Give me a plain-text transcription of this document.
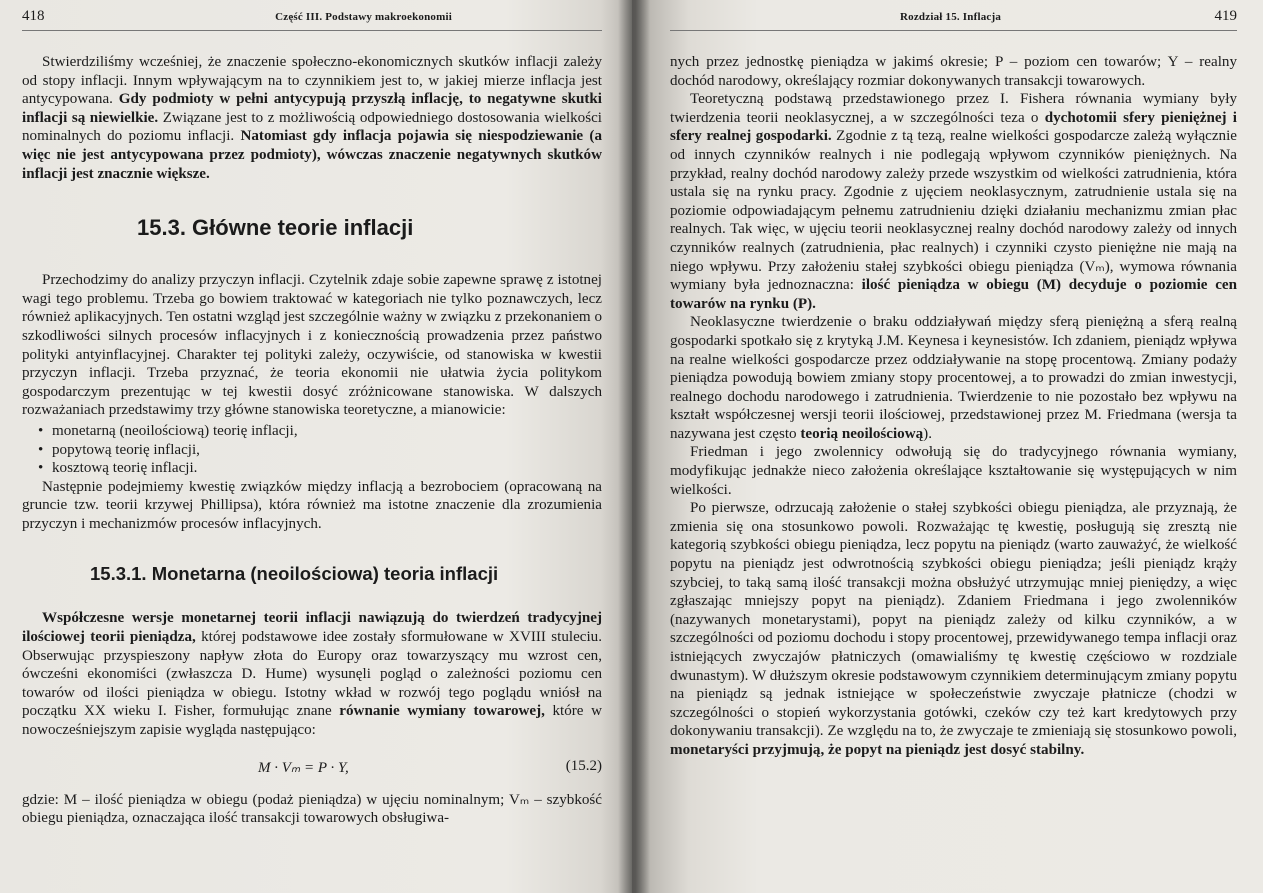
418	Część III. Podstawy makroekonomii

Stwierdziliśmy wcześniej, że znaczenie społeczno-ekonomicznych skutków inflacji zależy od stopy inflacji. Innym wpływającym na to czynnikiem jest to, w jakiej mierze inflacja jest antycypowana. Gdy podmioty w pełni antycypują przyszłą inflację, to negatywne skutki inflacji są niewielkie. Związane jest to z możliwością odpowiedniego dostosowania wielkości nominalnych do poziomu inflacji. Natomiast gdy inflacja pojawia się niespodziewanie (a więc nie jest antycypowana przez podmioty), wówczas znaczenie negatywnych skutków inflacji jest znacznie większe.

15.3. Główne teorie inflacji

Przechodzimy do analizy przyczyn inflacji. Czytelnik zdaje sobie zapewne sprawę z istotnej wagi tego problemu. Trzeba go bowiem traktować w kategoriach nie tylko poznawczych, lecz również aplikacyjnych. Ten ostatni wzgląd jest szczególnie ważny w związku z przekonaniem o szkodliwości silnych procesów inflacyjnych i z koniecznością prowadzenia przez państwo polityki antyinflacyjnej. Charakter tej polityki zależy, oczywiście, od stanowiska w kwestii przyczyn inflacji. Trzeba przyznać, że teoria ekonomii nie ułatwia życia politykom gospodarczym prezentując w tej kwestii dosyć zróżnicowane stanowiska. W dalszych rozważaniach przedstawimy trzy główne stanowiska teoretyczne, a mianowicie:

• monetarną (neoilościową) teorię inflacji,
• popytową teorię inflacji,
• kosztową teorię inflacji.

Następnie podejmiemy kwestię związków między inflacją a bezrobociem (opracowaną na gruncie tzw. teorii krzywej Phillipsa), która również ma istotne znaczenie dla zrozumienia przyczyn i mechanizmów procesów inflacyjnych.

15.3.1. Monetarna (neoilościowa) teoria inflacji

Współczesne wersje monetarnej teorii inflacji nawiązują do twierdzeń tradycyjnej ilościowej teorii pieniądza, której podstawowe idee zostały sformułowane w XVIII stuleciu. Obserwując przyspieszony napływ złota do Europy oraz towarzyszący mu wzrost cen, ówcześni ekonomiści (zwłaszcza D. Hume) wysunęli pogląd o zależności poziomu cen towarów od ilości pieniądza w obiegu. Istotny wkład w rozwój tego poglądu wniósł na początku XX wieku I. Fisher, formułując znane równanie wymiany towarowej, które w nowocześniejszym zapisie wygląda następująco:

M · Vₘ = P · Y,	(15.2)

gdzie: M – ilość pieniądza w obiegu (podaż pieniądza) w ujęciu nominalnym; Vₘ – szybkość obiegu pieniądza, oznaczająca ilość transakcji towarowych obsługiwa-

Rozdział 15. Inflacja	419

nych przez jednostkę pieniądza w jakimś okresie; P – poziom cen towarów; Y – realny dochód narodowy, określający rozmiar dokonywanych transakcji towarowych.

Teoretyczną podstawą przedstawionego przez I. Fishera równania wymiany były twierdzenia teorii neoklasycznej, a w szczególności teza o dychotomii sfery pieniężnej i sfery realnej gospodarki. Zgodnie z tą tezą, realne wielkości gospodarcze zależą wyłącznie od innych czynników realnych i nie podlegają wpływom czynników pieniężnych. Na przykład, realny dochód narodowy zależy przede wszystkim od wielkości zatrudnienia, która ustala się na rynku pracy. Zgodnie z ujęciem neoklasycznym, zatrudnienie ustala się na poziomie odpowiadającym pełnemu zatrudnieniu dzięki działaniu mechanizmu zmian płac realnych. Tak więc, w ujęciu teorii neoklasycznej realny dochód narodowy zależy od innych czynników realnych (zatrudnienia, płac realnych) i czynniki czysto pieniężne nie mają na niego wpływu. Przy założeniu stałej szybkości obiegu pieniądza (Vₘ), wymowa równania wymiany była jednoznaczna: ilość pieniądza w obiegu (M) decyduje o poziomie cen towarów na rynku (P).

Neoklasyczne twierdzenie o braku oddziaływań między sferą pieniężną a sferą realną gospodarki spotkało się z krytyką J.M. Keynesa i keynesistów. Ich zdaniem, pieniądz wpływa na realne wielkości gospodarcze przez oddziaływanie na stopę procentową. Zmiany podaży pieniądza powodują bowiem zmiany stopy procentowej, a to prowadzi do zmian inwestycji, realnego dochodu narodowego i zatrudnienia. Twierdzenie to nie pozostało bez wpływu na kształt współczesnej wersji teorii ilościowej, przedstawionej przez M. Friedmana (wersja ta nazywana jest często teorią neoilościową).

Friedman i jego zwolennicy odwołują się do tradycyjnego równania wymiany, modyfikując jednakże nieco założenia określające kształtowanie się występujących w nim wielkości.

Po pierwsze, odrzucają założenie o stałej szybkości obiegu pieniądza, ale przyznają, że zmienia się ona stosunkowo powoli. Rozważając tę kwestię, posługują się zresztą nie kategorią szybkości obiegu pieniądza, lecz popytu na pieniądz (warto zauważyć, że wielkość popytu na pieniądz jest odwrotnością szybkości obiegu pieniądza; jeśli pieniądz krąży szybciej, to taką samą ilość transakcji można obsłużyć utrzymując mniej pieniędzy, a więc zgłaszając mniejszy popyt na pieniądz). Zdaniem Friedmana i jego zwolenników (nazywanych monetarystami), popyt na pieniądz zależy od kilku czynników, a w szczególności od poziomu dochodu i stopy procentowej, przewidywanego tempa inflacji oraz istniejących zwyczajów płatniczych (omawialiśmy tę kwestię częściowo w rozdziale dwunastym). W dłuższym okresie podstawowym czynnikiem determinującym zmiany popytu na pieniądz są jednak istniejące w społeczeństwie zwyczaje płatnicze (chodzi w szczególności o stopień wykorzystania gotówki, czeków czy też kart kredytowych przy dokonywaniu transakcji). Ze względu na to, że zwyczaje te zmieniają się stosunkowo powoli, monetaryści przyjmują, że popyt na pieniądz jest dosyć stabilny.
